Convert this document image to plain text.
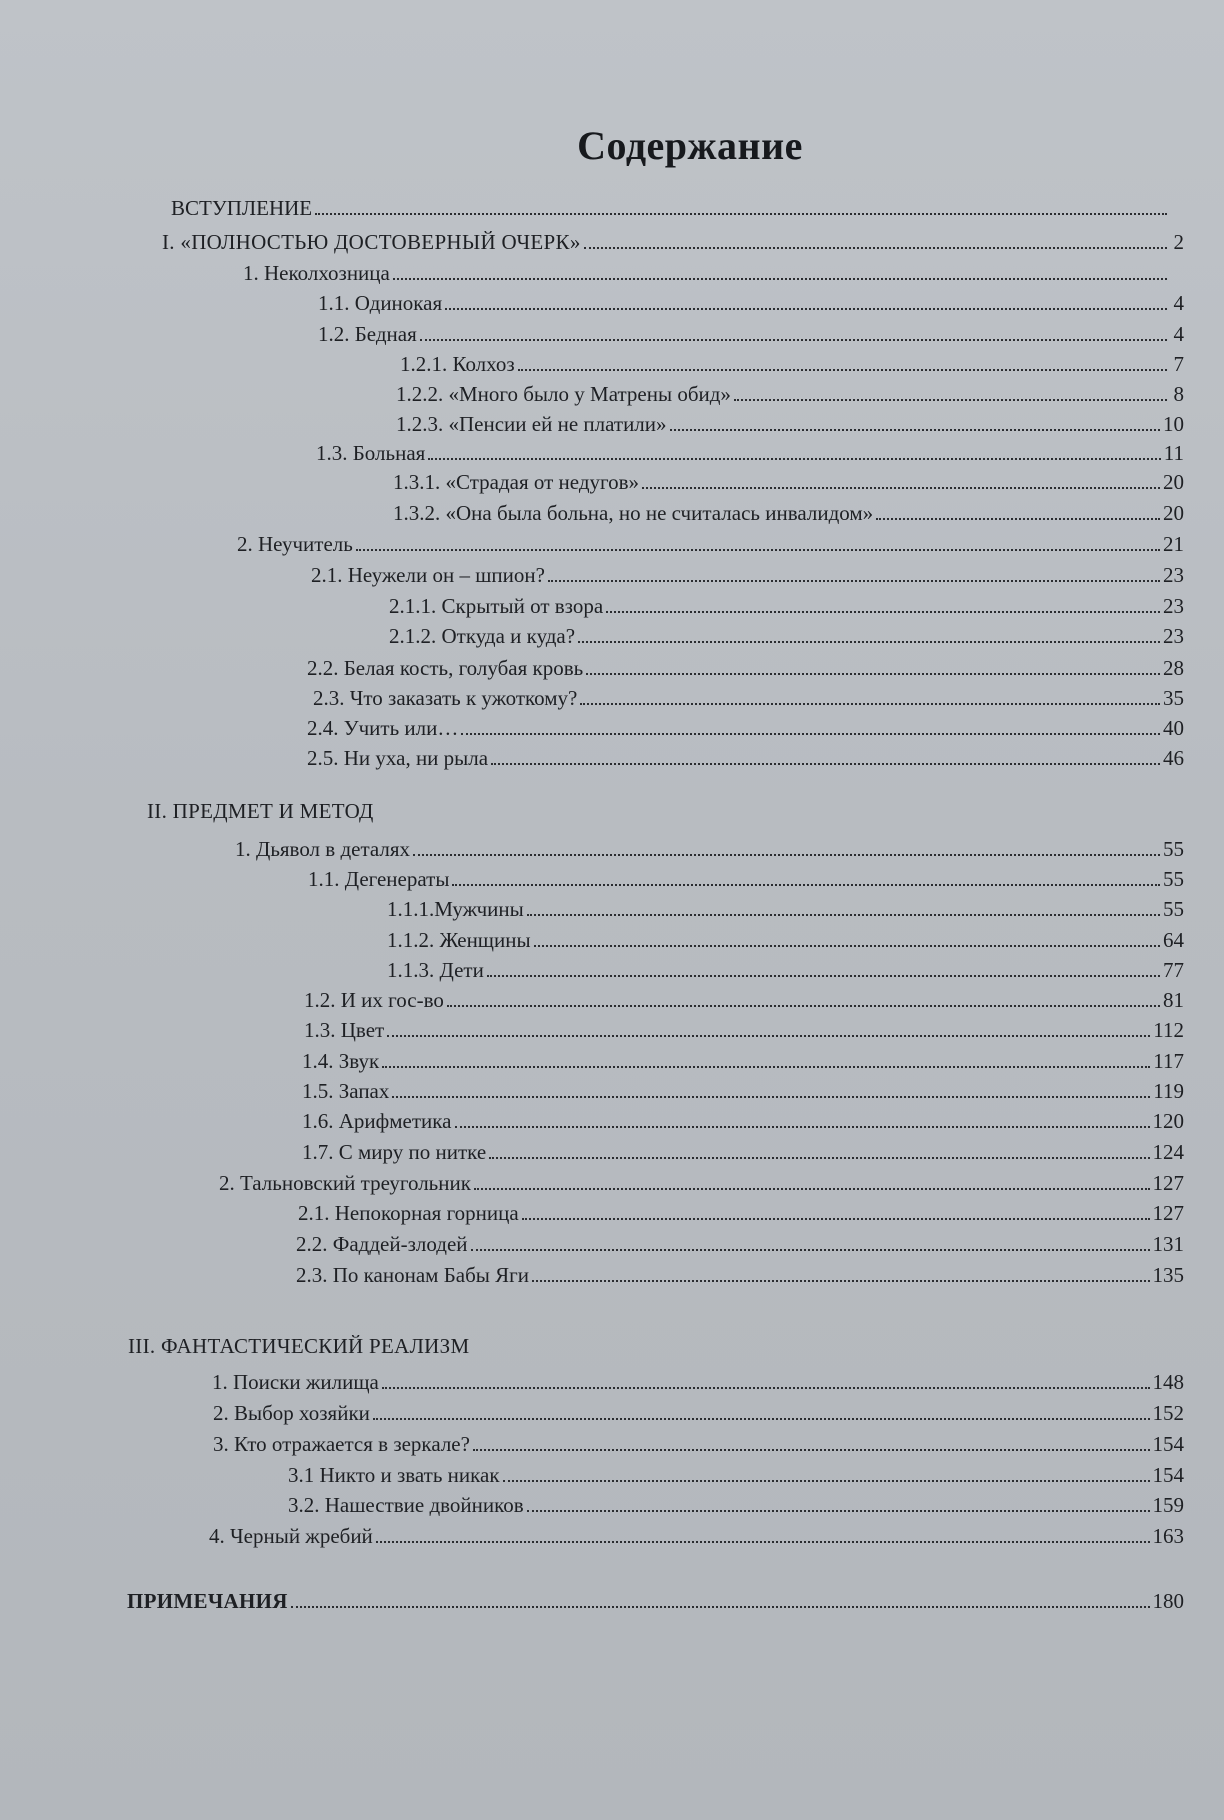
Содержание
ВСТУПЛЕНИЕ
I. «ПОЛНОСТЬЮ ДОСТОВЕРНЫЙ ОЧЕРК»	2
1. Неколхозница
1.1. Одинокая	4
1.2. Бедная	4
1.2.1. Колхоз	7
1.2.2. «Много было у Матрены обид»	8
1.2.3. «Пенсии ей не платили»	10
1.3. Больная	11
1.3.1. «Страдая от недугов»	20
1.3.2. «Она была больна, но не считалась инвалидом»	20
2. Неучитель	21
2.1. Неужели он – шпион?	23
2.1.1. Скрытый от взора	23
2.1.2. Откуда и куда?	23
2.2. Белая кость, голубая кровь	28
2.3. Что заказать к ужоткому?	35
2.4. Учить или…	40
2.5. Ни уха, ни рыла	46
II. ПРЕДМЕТ И МЕТОД
1. Дьявол в деталях	55
1.1. Дегенераты	55
1.1.1.Мужчины	55
1.1.2. Женщины	64
1.1.3. Дети	77
1.2. И их гос-во	81
1.3. Цвет	112
1.4. Звук	117
1.5. Запах	119
1.6. Арифметика	120
1.7. С миру по нитке	124
2. Тальновский треугольник	127
2.1. Непокорная горница	127
2.2. Фаддей-злодей	131
2.3. По канонам Бабы Яги	135
III. ФАНТАСТИЧЕСКИЙ РЕАЛИЗМ
1. Поиски жилища	148
2. Выбор хозяйки	152
3. Кто отражается в зеркале?	154
3.1 Никто и звать никак	154
3.2. Нашествие двойников	159
4. Черный жребий	163
ПРИМЕЧАНИЯ	180
